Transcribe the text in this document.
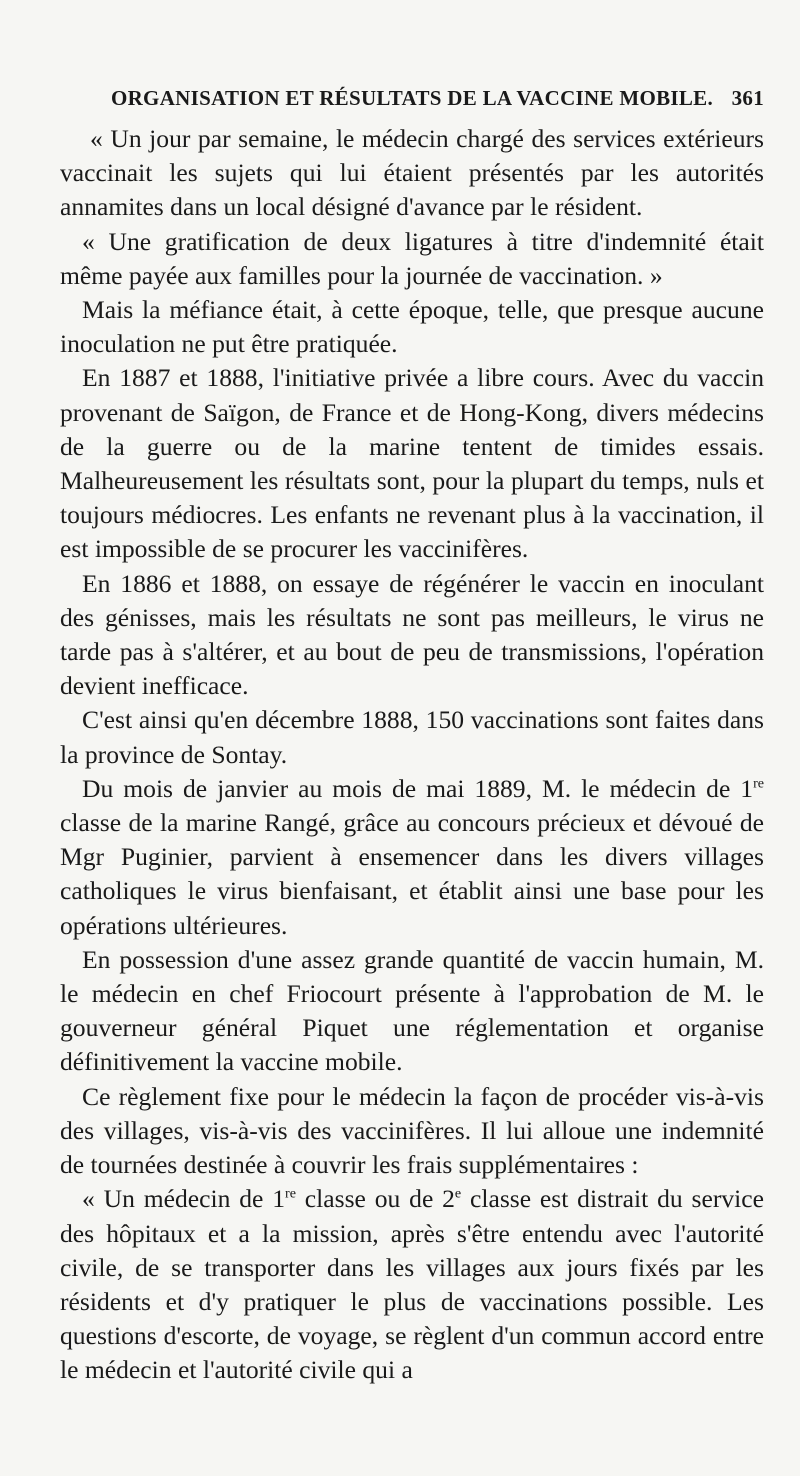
ORGANISATION ET RÉSULTATS DE LA VACCINE MOBILE. 361

« Un jour par semaine, le médecin chargé des services extérieurs vaccinait les sujets qui lui étaient présentés par les autorités annamites dans un local désigné d'avance par le résident.

« Une gratification de deux ligatures à titre d'indemnité était même payée aux familles pour la journée de vaccination. »

Mais la méfiance était, à cette époque, telle, que presque aucune inoculation ne put être pratiquée.

En 1887 et 1888, l'initiative privée a libre cours. Avec du vaccin provenant de Saïgon, de France et de Hong-Kong, divers médecins de la guerre ou de la marine tentent de timides essais. Malheureusement les résultats sont, pour la plupart du temps, nuls et toujours médiocres. Les enfants ne revenant plus à la vaccination, il est impossible de se procurer les vaccinifères.

En 1886 et 1888, on essaye de régénérer le vaccin en inoculant des génisses, mais les résultats ne sont pas meilleurs, le virus ne tarde pas à s'altérer, et au bout de peu de transmissions, l'opération devient inefficace.

C'est ainsi qu'en décembre 1888, 150 vaccinations sont faites dans la province de Sontay.

Du mois de janvier au mois de mai 1889, M. le médecin de 1re classe de la marine Rangé, grâce au concours précieux et dévoué de Mgr Puginier, parvient à ensemencer dans les divers villages catholiques le virus bienfaisant, et établit ainsi une base pour les opérations ultérieures.

En possession d'une assez grande quantité de vaccin humain, M. le médecin en chef Friocourt présente à l'approbation de M. le gouverneur général Piquet une réglementation et organise définitivement la vaccine mobile.

Ce règlement fixe pour le médecin la façon de procéder vis-à-vis des villages, vis-à-vis des vaccinifères. Il lui alloue une indemnité de tournées destinée à couvrir les frais supplémentaires :

« Un médecin de 1re classe ou de 2e classe est distrait du service des hôpitaux et a la mission, après s'être entendu avec l'autorité civile, de se transporter dans les villages aux jours fixés par les résidents et d'y pratiquer le plus de vaccinations possible. Les questions d'escorte, de voyage, se règlent d'un commun accord entre le médecin et l'autorité civile qui a
